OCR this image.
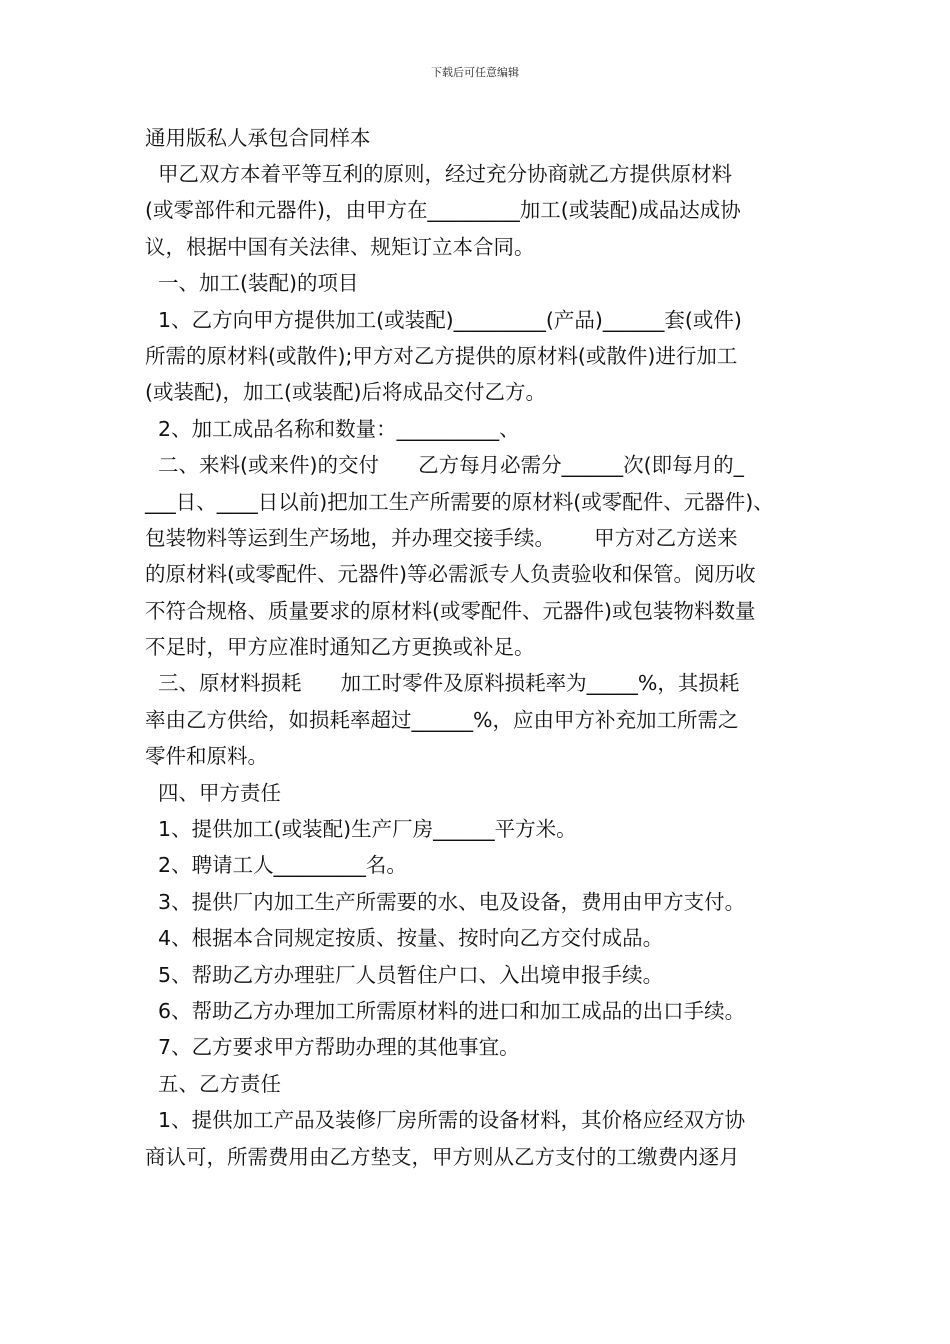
下载后可任意编辑
通用版私人承包合同样本
甲乙双方本着平等互利的原则，经过充分协商就乙方提供原材料
(或零部件和元器件)，由甲方在_________加工(或装配)成品达成协
议，根据中国有关法律、规矩订立本合同。
一、加工(装配)的项目
1、乙方向甲方提供加工(或装配)_________(产品)______套(或件)
所需的原材料(或散件);甲方对乙方提供的原材料(或散件)进行加工
(或装配)，加工(或装配)后将成品交付乙方。
2、加工成品名称和数量：__________、
二、来料(或来件)的交付      乙方每月必需分______次(即每月的_
___日、____日以前)把加工生产所需要的原材料(或零配件、元器件)、
包装物料等运到生产场地，并办理交接手续。      甲方对乙方送来
的原材料(或零配件、元器件)等必需派专人负责验收和保管。阅历收
不符合规格、质量要求的原材料(或零配件、元器件)或包装物料数量
不足时，甲方应准时通知乙方更换或补足。
三、原材料损耗      加工时零件及原料损耗率为_____%，其损耗
率由乙方供给，如损耗率超过______%，应由甲方补充加工所需之
零件和原料。
四、甲方责任
1、提供加工(或装配)生产厂房______平方米。
2、聘请工人_________名。
3、提供厂内加工生产所需要的水、电及设备，费用由甲方支付。
4、根据本合同规定按质、按量、按时向乙方交付成品。
5、帮助乙方办理驻厂人员暂住户口、入出境申报手续。
6、帮助乙方办理加工所需原材料的进口和加工成品的出口手续。
7、乙方要求甲方帮助办理的其他事宜。
五、乙方责任
1、提供加工产品及装修厂房所需的设备材料，其价格应经双方协
商认可，所需费用由乙方垫支，甲方则从乙方支付的工缴费内逐月
